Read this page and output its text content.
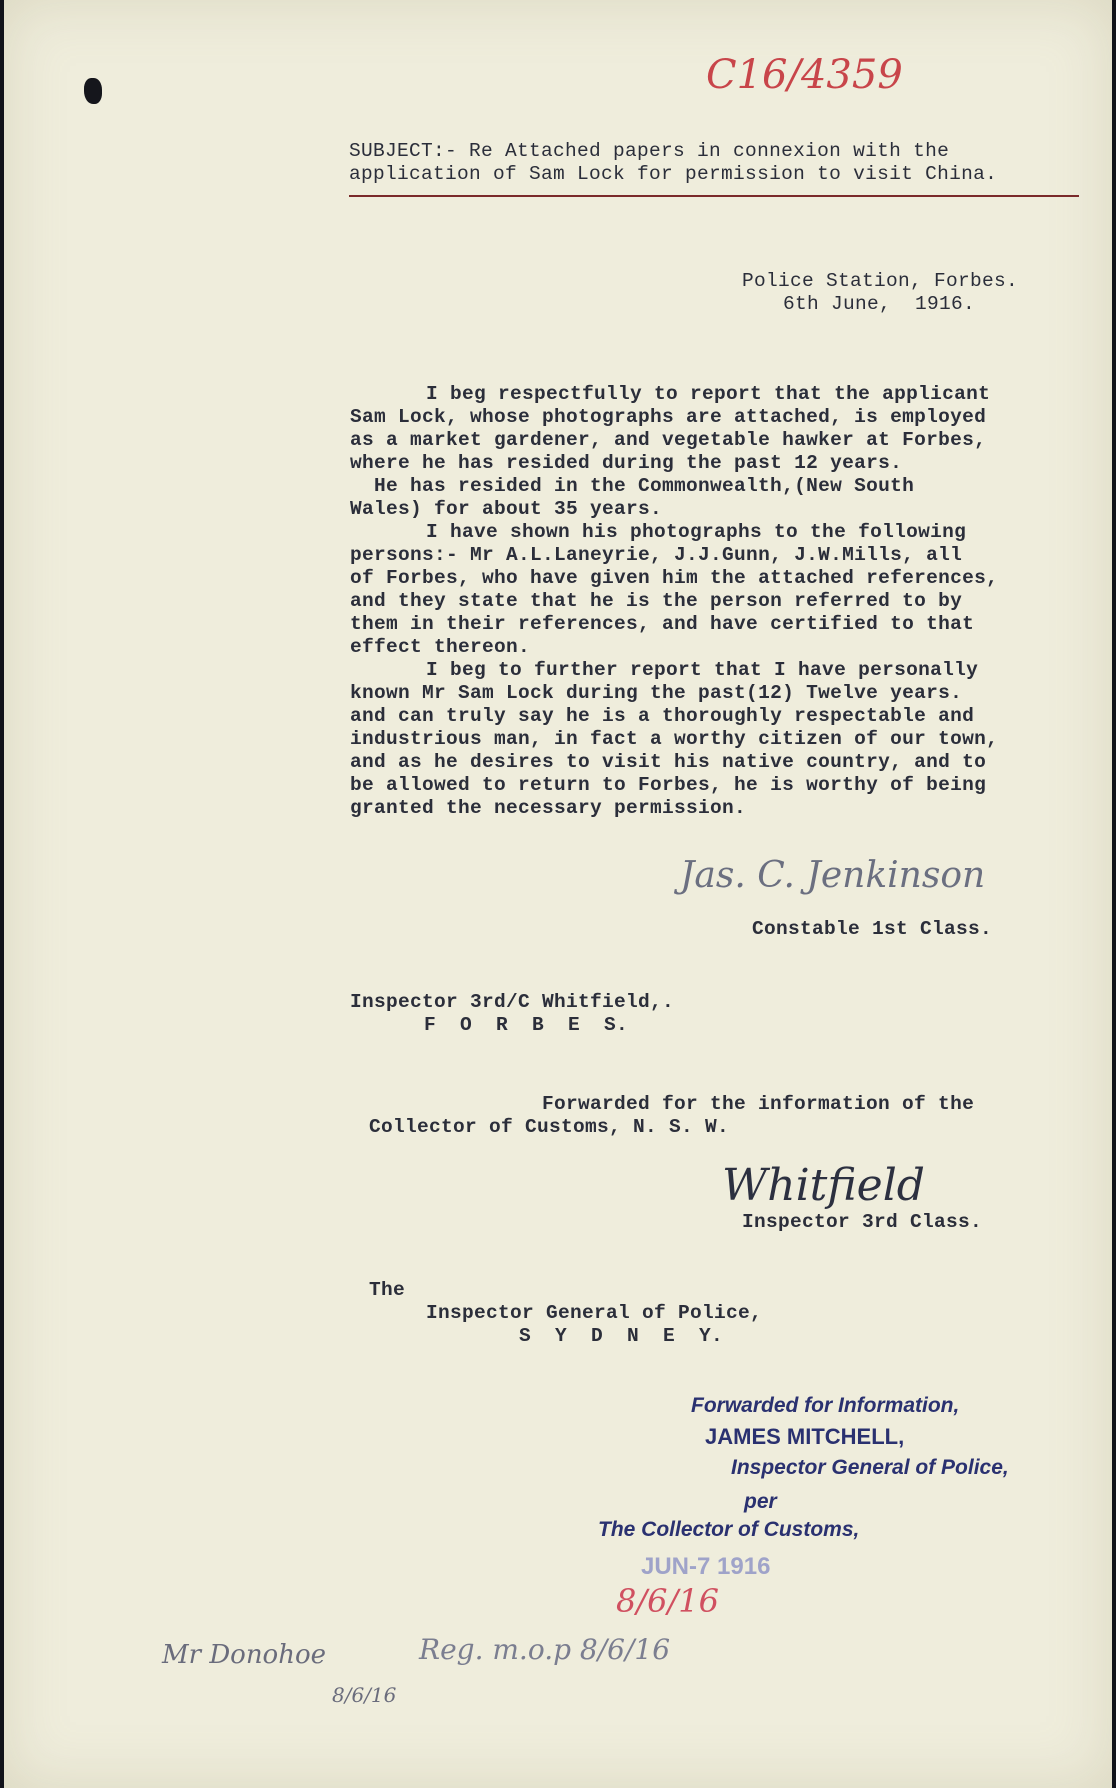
C16/4359
SUBJECT:- Re Attached papers in connexion with the
application of Sam Lock for permission to visit China.
Police Station, Forbes.
6th June,  1916.
I beg respectfully to report that the applicant
Sam Lock, whose photographs are attached, is employed
as a market gardener, and vegetable hawker at Forbes,
where he has resided during the past 12 years.
He has resided in the Commonwealth,(New South
Wales) for about 35 years.
I have shown his photographs to the following
persons:- Mr A.L.Laneyrie, J.J.Gunn, J.W.Mills, all
of Forbes, who have given him the attached references,
and they state that he is the person referred to by
them in their references, and have certified to that
effect thereon.
I beg to further report that I have personally
known Mr Sam Lock during the past(12) Twelve years.
and can truly say he is a thoroughly respectable and
industrious man, in fact a worthy citizen of our town,
and as he desires to visit his native country, and to
be allowed to return to Forbes, he is worthy of being
granted the necessary permission.
Jas. C. Jenkinson
Constable 1st Class.
Inspector 3rd/C Whitfield,.
F  O  R  B  E  S.
Forwarded for the information of the
Collector of Customs, N. S. W.
Whitfield
Inspector 3rd Class.
The
Inspector General of Police,
S  Y  D  N  E  Y.
Forwarded for Information,
JAMES MITCHELL,
Inspector General of Police,
per
The Collector of Customs,
JUN-7 1916
8/6/16
Mr Donohoe	Reg. m.o.p 8/6/16
8/6/16
